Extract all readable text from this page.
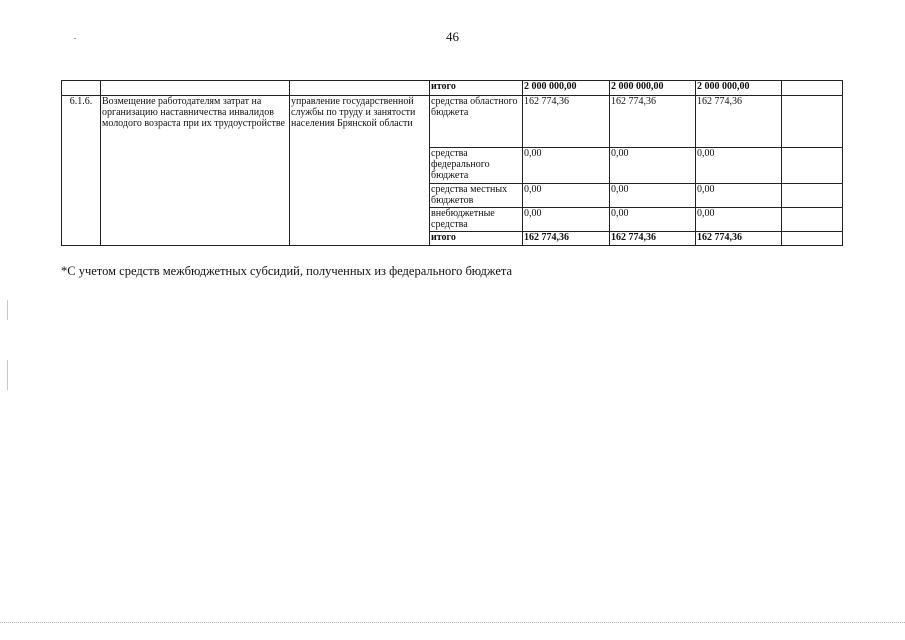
46
			итого	2 000 000,00	2 000 000,00	2 000 000,00	
6.1.6.	Возмещение работодателям затрат на организацию наставничества инвалидов молодого возраста при их трудоустройстве	управление государственной службы по труду и занятости населения Брянской области	средства областного бюджета	162 774,36	162 774,36	162 774,36	
			средства федерального бюджета	0,00	0,00	0,00	
			средства местных бюджетов	0,00	0,00	0,00	
			внебюджетные средства	0,00	0,00	0,00	
			итого	162 774,36	162 774,36	162 774,36	
*С учетом средств межбюджетных субсидий, полученных из федерального бюджета
